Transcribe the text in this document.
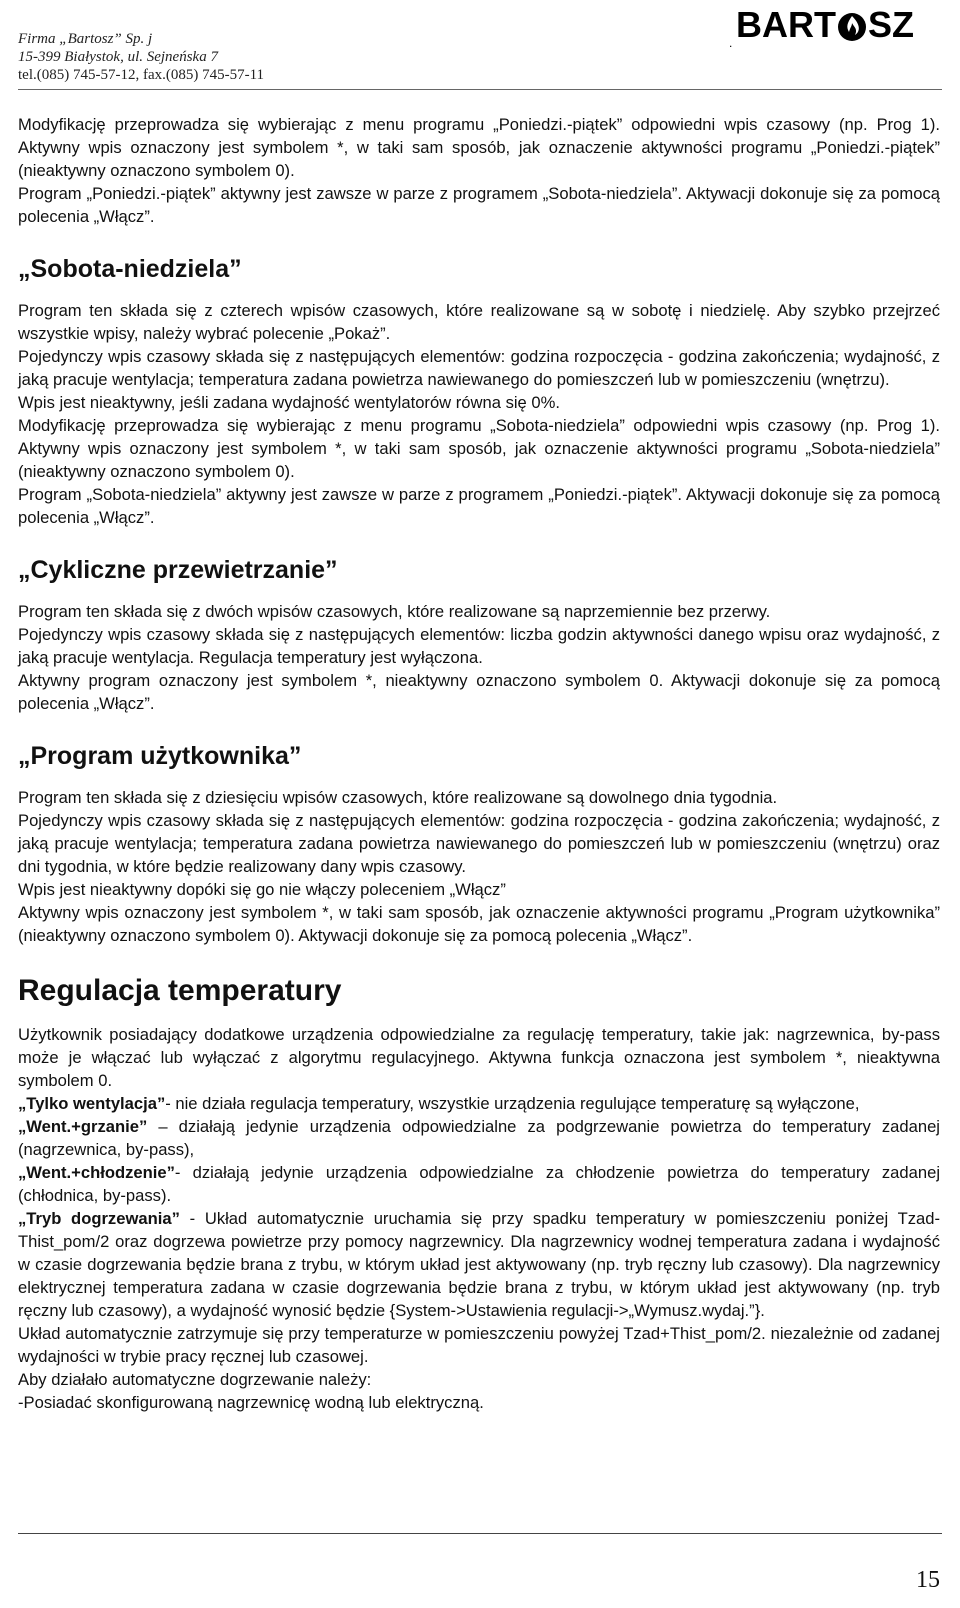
Firma „Bartosz” Sp. j
15-399 Białystok, ul. Sejneńska 7
tel.(085) 745-57-12, fax.(085) 745-57-11
. BART SZ

Modyfikację przeprowadza się wybierając z menu programu „Poniedzi.-piątek” odpowiedni wpis czasowy (np. Prog 1). Aktywny wpis oznaczony jest symbolem *, w taki sam sposób, jak oznaczenie aktywności programu „Poniedzi.-piątek” (nieaktywny oznaczono symbolem 0).

Program „Poniedzi.-piątek” aktywny jest zawsze w parze z programem „Sobota-niedziela”. Aktywacji dokonuje się za pomocą polecenia „Włącz”.

„Sobota-niedziela”

Program ten składa się z czterech wpisów czasowych, które realizowane są w sobotę i niedzielę. Aby szybko przejrzeć wszystkie wpisy, należy wybrać polecenie „Pokaż”.

Pojedynczy wpis czasowy składa się z następujących elementów: godzina rozpoczęcia - godzina zakończenia; wydajność, z jaką pracuje wentylacja; temperatura zadana powietrza nawiewanego do pomieszczeń lub w pomieszczeniu (wnętrzu).

Wpis jest nieaktywny, jeśli zadana wydajność wentylatorów równa się 0%.

Modyfikację przeprowadza się wybierając z menu programu „Sobota-niedziela” odpowiedni wpis czasowy (np. Prog 1). Aktywny wpis oznaczony jest symbolem *, w taki sam sposób, jak oznaczenie aktywności programu „Sobota-niedziela” (nieaktywny oznaczono symbolem 0).

Program „Sobota-niedziela” aktywny jest zawsze w parze z programem „Poniedzi.-piątek”. Aktywacji dokonuje się za pomocą polecenia „Włącz”.

„Cykliczne przewietrzanie”

Program ten składa się z dwóch wpisów czasowych, które realizowane są naprzemiennie bez przerwy.

Pojedynczy wpis czasowy składa się z następujących elementów: liczba godzin aktywności danego wpisu oraz wydajność, z jaką pracuje wentylacja. Regulacja temperatury jest wyłączona.

Aktywny program oznaczony jest symbolem *, nieaktywny oznaczono symbolem 0. Aktywacji dokonuje się za pomocą polecenia „Włącz”.

„Program użytkownika”

Program ten składa się z dziesięciu wpisów czasowych, które realizowane są dowolnego dnia tygodnia.

Pojedynczy wpis czasowy składa się z następujących elementów: godzina rozpoczęcia - godzina zakończenia; wydajność, z jaką pracuje wentylacja; temperatura zadana powietrza nawiewanego do pomieszczeń lub w pomieszczeniu (wnętrzu) oraz dni tygodnia, w które będzie realizowany dany wpis czasowy.

Wpis jest nieaktywny dopóki się go nie włączy poleceniem „Włącz”

Aktywny wpis oznaczony jest symbolem *, w taki sam sposób, jak oznaczenie aktywności programu „Program użytkownika” (nieaktywny oznaczono symbolem 0). Aktywacji dokonuje się za pomocą polecenia „Włącz”.

Regulacja temperatury

Użytkownik posiadający dodatkowe urządzenia odpowiedzialne za regulację temperatury, takie jak: nagrzewnica, by-pass może je włączać lub wyłączać z algorytmu regulacyjnego. Aktywna funkcja oznaczona jest symbolem *, nieaktywna symbolem 0.

„Tylko wentylacja”- nie działa regulacja temperatury, wszystkie urządzenia regulujące temperaturę są wyłączone,

„Went.+grzanie” – działają jedynie urządzenia odpowiedzialne za podgrzewanie powietrza do temperatury zadanej (nagrzewnica, by-pass),

„Went.+chłodzenie”- działają jedynie urządzenia odpowiedzialne za chłodzenie powietrza do temperatury zadanej (chłodnica, by-pass).

„Tryb dogrzewania” - Układ automatycznie uruchamia się przy spadku temperatury w pomieszczeniu poniżej Tzad-Thist_pom/2 oraz dogrzewa powietrze przy pomocy nagrzewnicy. Dla nagrzewnicy wodnej temperatura zadana i wydajność w czasie dogrzewania będzie brana z trybu, w którym układ jest aktywowany (np. tryb ręczny lub czasowy). Dla nagrzewnicy elektrycznej temperatura zadana w czasie dogrzewania będzie brana z trybu, w którym układ jest aktywowany (np. tryb ręczny lub czasowy), a wydajność wynosić będzie {System->Ustawienia regulacji->„Wymusz.wydaj.”}.

Układ automatycznie zatrzymuje się przy temperaturze w pomieszczeniu powyżej Tzad+Thist_pom/2. niezależnie od zadanej wydajności w trybie pracy ręcznej lub czasowej.

Aby działało automatyczne dogrzewanie należy:

-Posiadać skonfigurowaną nagrzewnicę wodną lub elektryczną.

15
